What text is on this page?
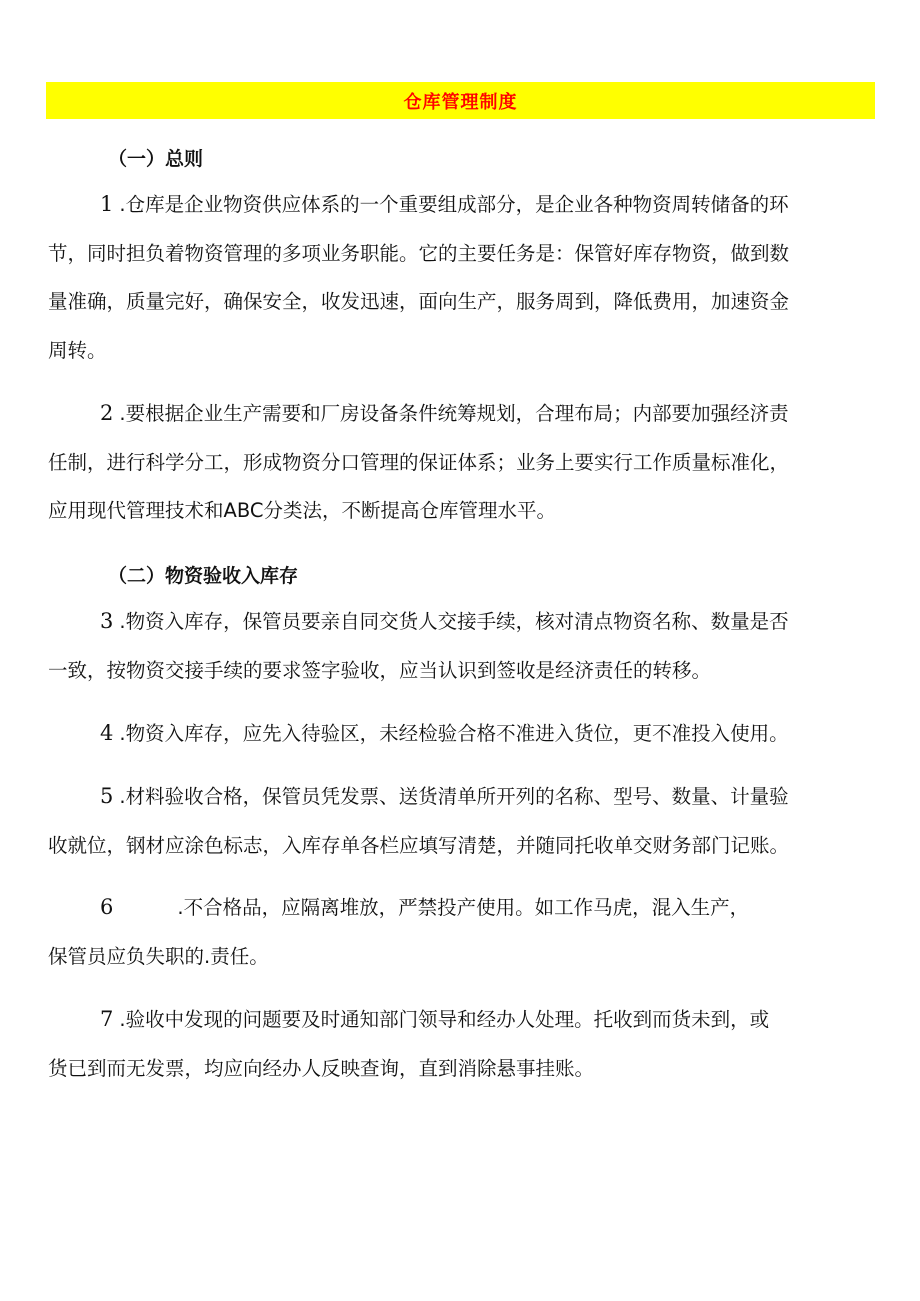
仓库管理制度
（一）总则
1 .仓库是企业物资供应体系的一个重要组成部分，是企业各种物资周转储备的环
节，同时担负着物资管理的多项业务职能。它的主要任务是：保管好库存物资，做到数
量准确，质量完好，确保安全，收发迅速，面向生产，服务周到，降低费用，加速资金
周转。
2 .要根据企业生产需要和厂房设备条件统筹规划，合理布局；内部要加强经济责
任制，进行科学分工，形成物资分口管理的保证体系；业务上要实行工作质量标准化，
应用现代管理技术和ABC分类法，不断提高仓库管理水平。
（二）物资验收入库存
3 .物资入库存，保管员要亲自同交货人交接手续，核对清点物资名称、数量是否
一致，按物资交接手续的要求签字验收，应当认识到签收是经济责任的转移。
4 .物资入库存，应先入待验区，未经检验合格不准进入货位，更不准投入使用。
5 .材料验收合格，保管员凭发票、送货清单所开列的名称、型号、数量、计量验
收就位，钢材应涂色标志，入库存单各栏应填写清楚，并随同托收单交财务部门记账。
6	.不合格品，应隔离堆放，严禁投产使用。如工作马虎，混入生产，
保管员应负失职的.责任。
7 .验收中发现的问题要及时通知部门领导和经办人处理。托收到而货未到，或
货已到而无发票，均应向经办人反映查询，直到消除悬事挂账。
